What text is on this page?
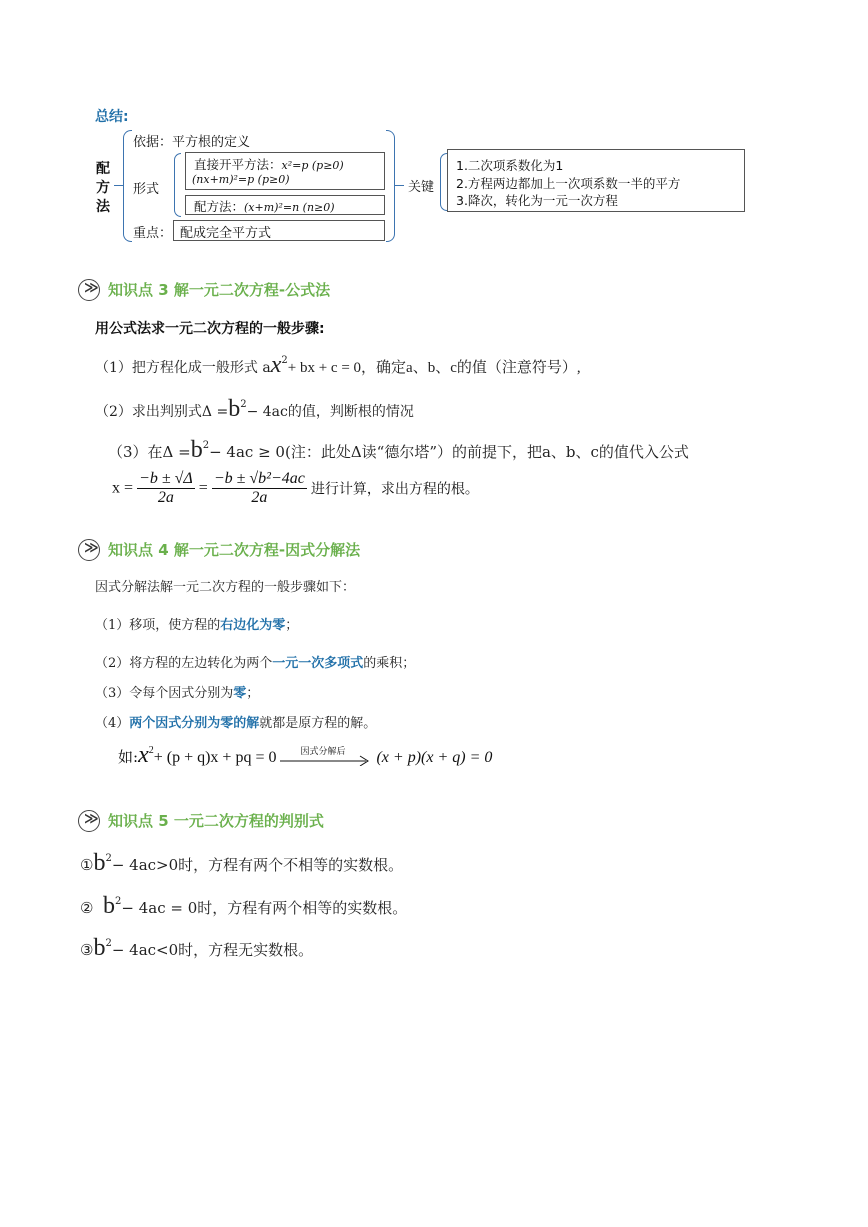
总结:
配
方
法
依据：平方根的定义
形式
直接开平方法：x²=p (p≥0)
(nx+m)²=p (p≥0)
配方法：(x+m)²=n (n≥0)
重点： 配成完全平方式
关键
1.二次项系数化为1
2.方程两边都加上一次项系数一半的平方
3.降次，转化为一元一次方程
≫ 知识点 3 解一元二次方程-公式法
用公式法求一元二次方程的一般步骤:
（1）把方程化成一般形式 $ax^2+$ bx + c = 0，确定a、b、c的值（注意符号）,
（2）求出判别式$\Delta =b^2- 4ac$的值，判断根的情况
（3）在$\Delta =b^2- 4ac \ge 0$(注：此处Δ读“德尔塔”）的前提下，把a、b、c的值代入公式
$x = \frac{-b \pm √\Delta}{2a} = \frac{\text{−b ± √b²−4ac}}{2a}$ 进行计算，求出方程的根。
≫ 知识点 4 解一元二次方程-因式分解法
因式分解法解一元二次方程的一般步骤如下：
（1）移项，使方程的右边化为零；
（2）将方程的左边转化为两个一元一次多项式的乘积；
（3）令每个因式分别为零；
（4）两个因式分别为零的解就都是原方程的解。
如$:x^2+ (p + q)x$ + pq = 0	因式分解后 (x + p)(x + q) = 0
≫ 知识点 5 一元二次方程的判别式
$①b^2- 4ac>0$时，方程有两个不相等的实数根。
② $b^2- 4ac = 0$时，方程有两个相等的实数根。
$③b^2- 4ac<0$时，方程无实数根。
